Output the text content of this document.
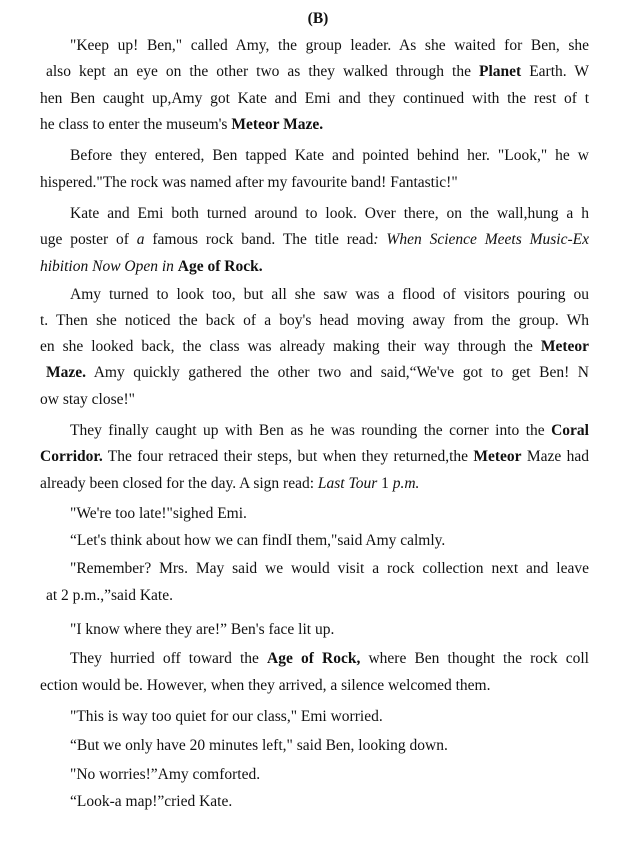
(B)
"Keep up! Ben," called Amy, the group leader. As she waited for Ben, she
also kept an eye on the other two as they walked through the Planet Earth. W
hen Ben caught up,Amy got Kate and Emi and they continued with the rest of t
he class to enter the museum's Meteor Maze.
Before they entered, Ben tapped Kate and pointed behind her. "Look," he w
hispered."The rock was named after my favourite band! Fantastic!"
Kate and Emi both turned around to look. Over there, on the wall,hung a h
uge poster of a famous rock band. The title read: When Science Meets Music-Ex
hibition Now Open in Age of Rock.
Amy turned to look too, but all she saw was a flood of visitors pouring ou
t. Then she noticed the back of a boy's head moving away from the group. Wh
en she looked back, the class was already making their way through the Meteor
Maze. Amy quickly gathered the other two and said,“We've got to get Ben! N
ow stay close!"
They finally caught up with Ben as he was rounding the corner into the Coral
Corridor. The four retraced their steps, but when they returned,the Meteor Maze had
already been closed for the day. A sign read: Last Tour 1 p.m.
"We're too late!"sighed Emi.
“Let's think about how we can findI them,"said Amy calmly.
"Remember? Mrs. May said we would visit a rock collection next and leave
at 2 p.m.,”said Kate.
"I know where they are!” Ben's face lit up.
They hurried off toward the Age of Rock, where Ben thought the rock coll
ection would be. However, when they arrived, a silence welcomed them.
"This is way too quiet for our class," Emi worried.
“But we only have 20 minutes left," said Ben, looking down.
"No worries!”Amy comforted.
“Look-a map!”cried Kate.
